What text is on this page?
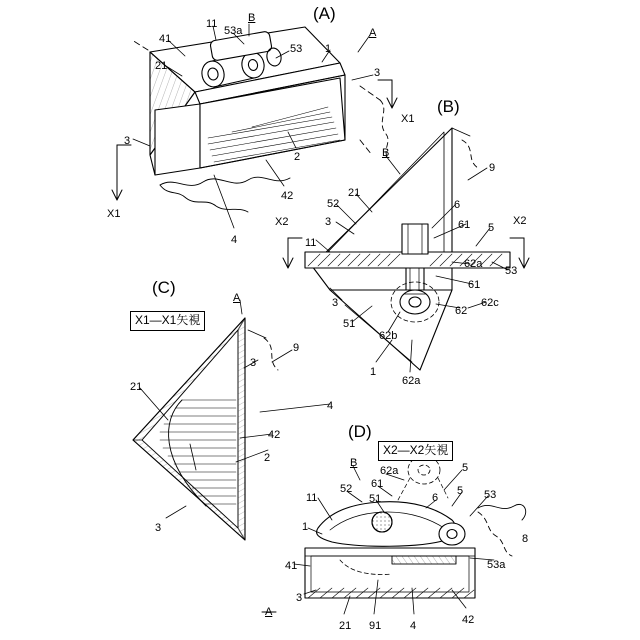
(A)
(B)
(C)
(D)
X1—X1矢視
X2—X2矢視
X1
X1
X2	X2
11	B
53a	A
53
41
1
21
3
3
2
42
4
B
9
52
21
6
3	61 5
11
62a
53
61
3
62
62c
51
62b
1
62a
A
9
3
21
4
42
2
3
B
62a	5
61
52
6
5 53
51
11
8
1
53a
41
3
A
21 91	4	42
